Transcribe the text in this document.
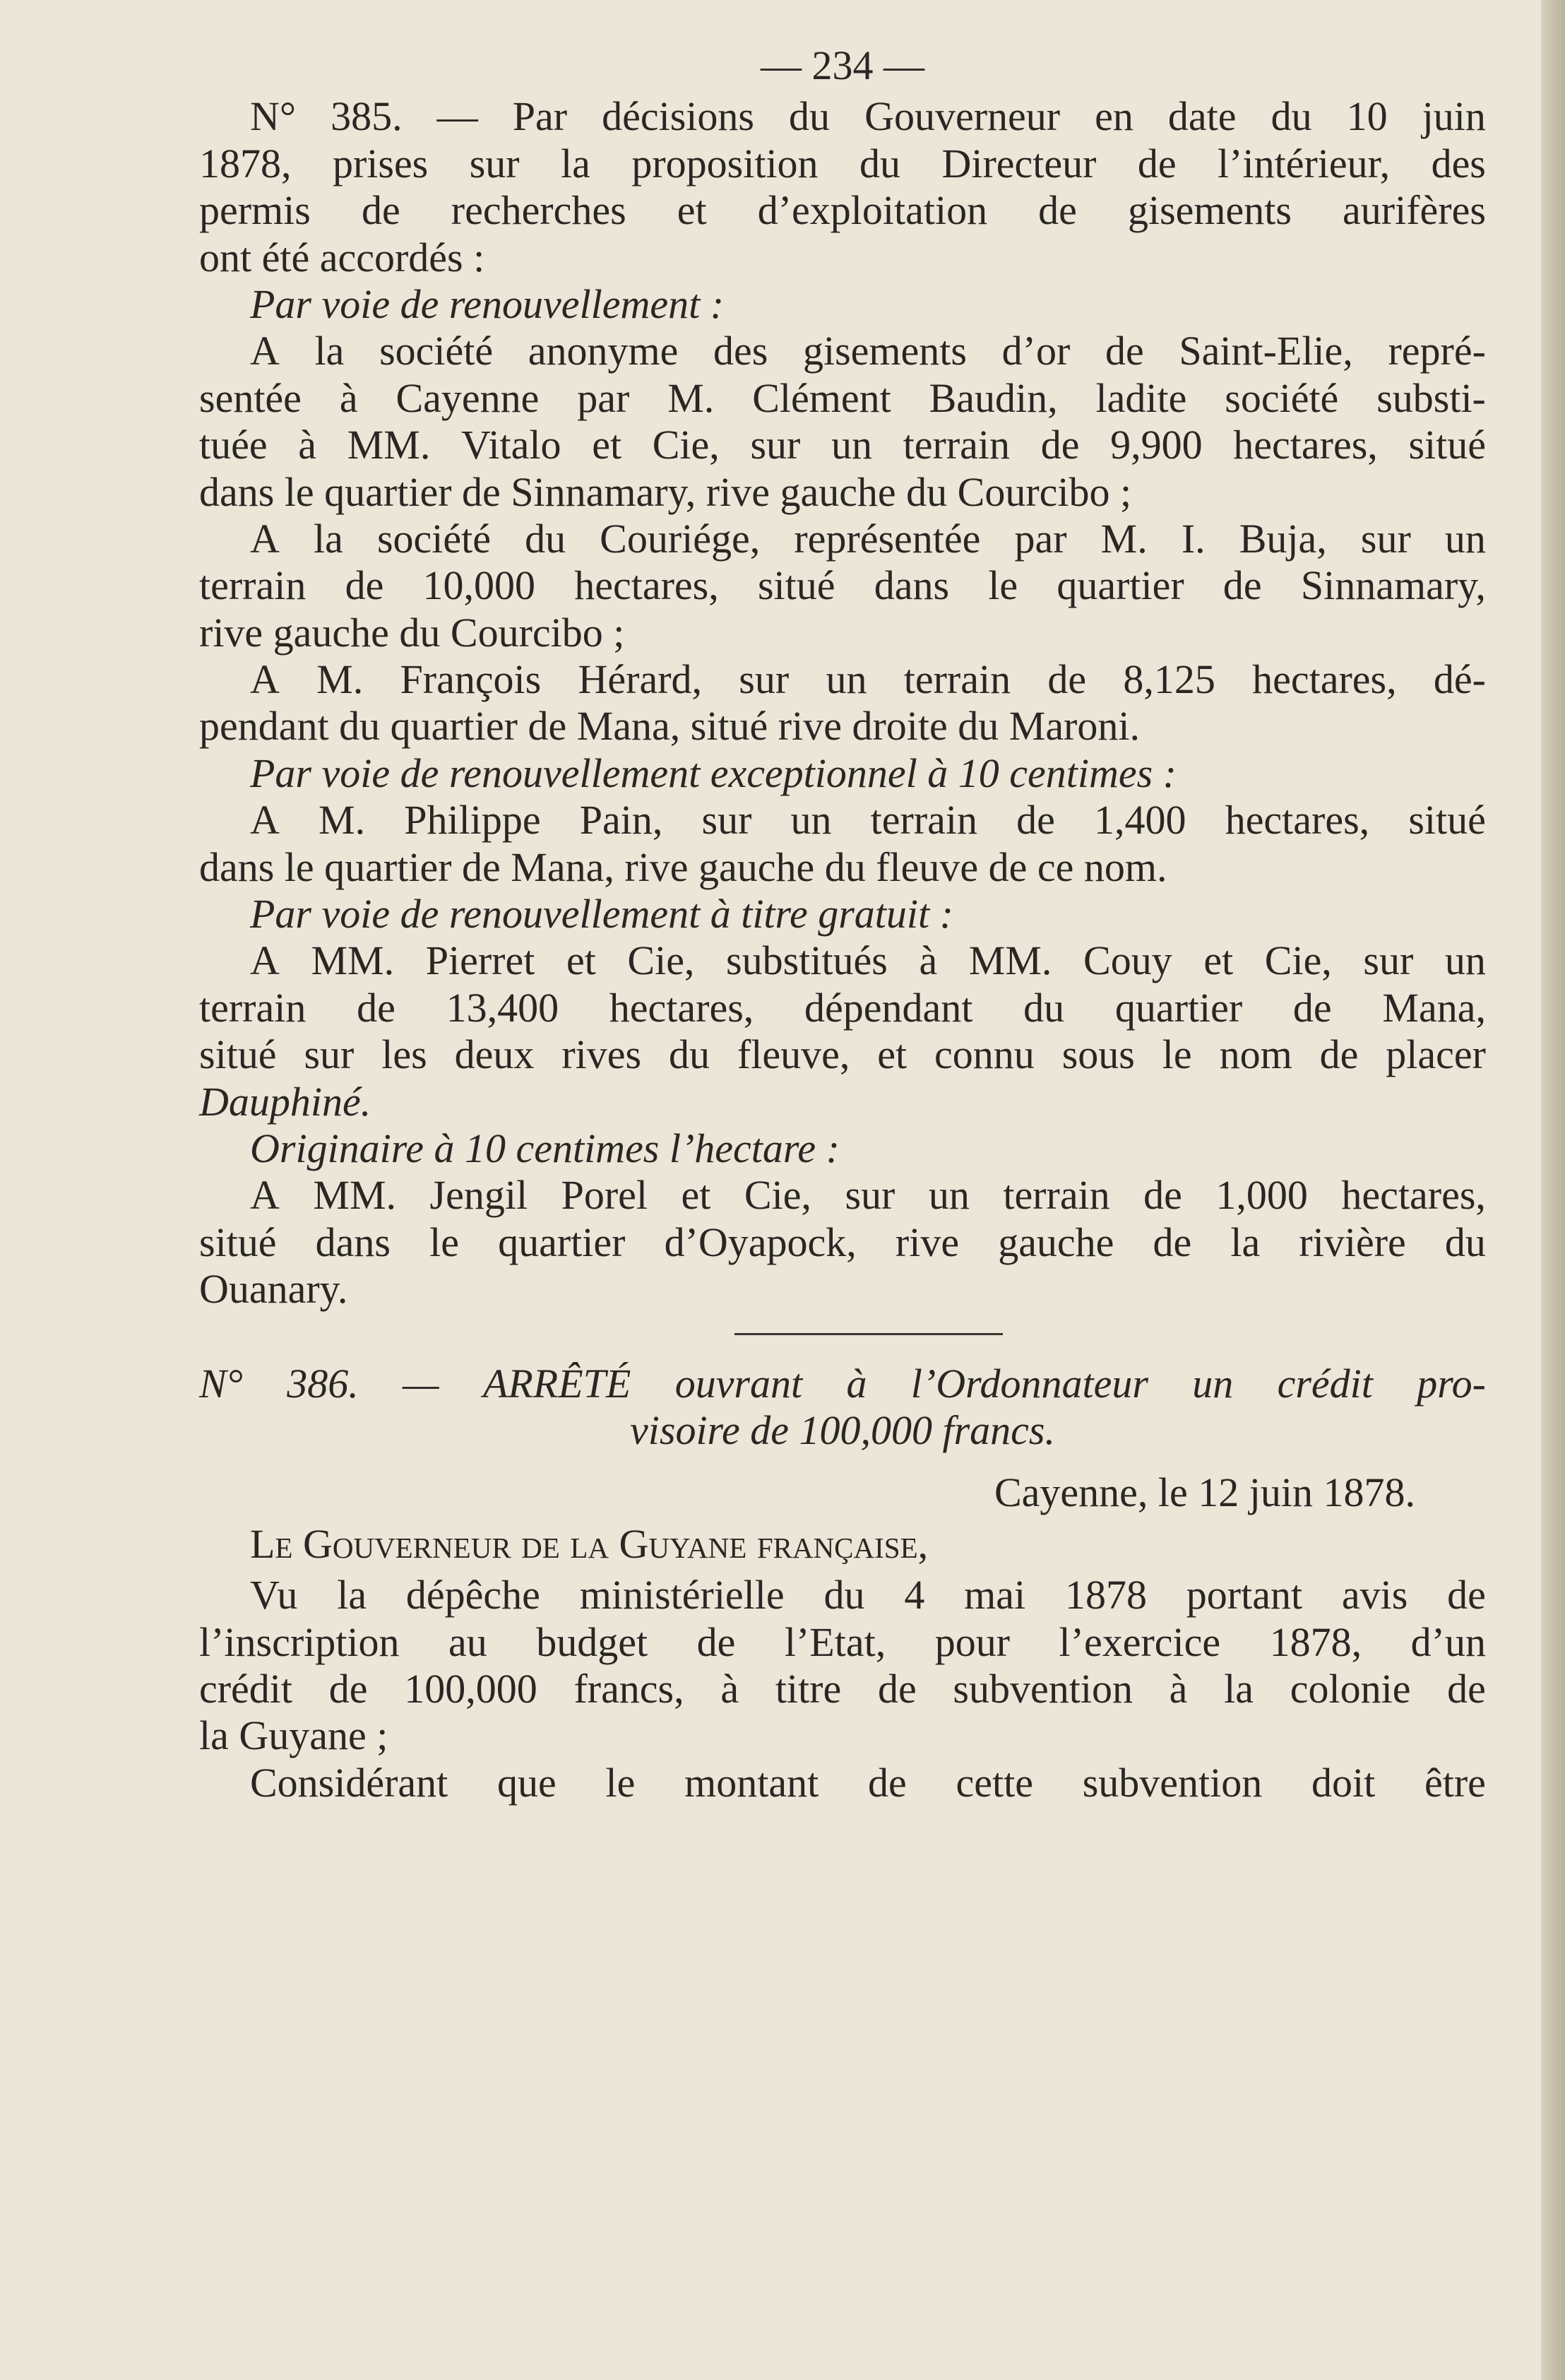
— 234 —
N° 385. — Par décisions du Gouverneur en date du 10 juin
1878, prises sur la proposition du Directeur de l’intérieur, des
permis de recherches et d’exploitation de gisements aurifères
ont été accordés :
Par voie de renouvellement :
A la société anonyme des gisements d’or de Saint-Elie, repré-
sentée à Cayenne par M. Clément Baudin, ladite société substi-
tuée à MM. Vitalo et Cie, sur un terrain de 9,900 hectares, situé
dans le quartier de Sinnamary, rive gauche du Courcibo ;
A la société du Couriége, représentée par M. I. Buja, sur un
terrain de 10,000 hectares, situé dans le quartier de Sinnamary,
rive gauche du Courcibo ;
A M. François Hérard, sur un terrain de 8,125 hectares, dé-
pendant du quartier de Mana, situé rive droite du Maroni.
Par voie de renouvellement exceptionnel à 10 centimes :
A M. Philippe Pain, sur un terrain de 1,400 hectares, situé
dans le quartier de Mana, rive gauche du fleuve de ce nom.
Par voie de renouvellement à titre gratuit :
A MM. Pierret et Cie, substitués à MM. Couy et Cie, sur un
terrain de 13,400 hectares, dépendant du quartier de Mana,
situé sur les deux rives du fleuve, et connu sous le nom de placer
Dauphiné.
Originaire à 10 centimes l’hectare :
A MM. Jengil Porel et Cie, sur un terrain de 1,000 hectares,
situé dans le quartier d’Oyapock, rive gauche de la rivière du
Ouanary.
N° 386. — ARRÊTÉ ouvrant à l’Ordonnateur un crédit pro-
visoire de 100,000 francs.
Cayenne, le 12 juin 1878.
Le Gouverneur de la Guyane française,
Vu la dépêche ministérielle du 4 mai 1878 portant avis de
l’inscription au budget de l’Etat, pour l’exercice 1878, d’un
crédit de 100,000 francs, à titre de subvention à la colonie de
la Guyane ;
Considérant que le montant de cette subvention doit être
